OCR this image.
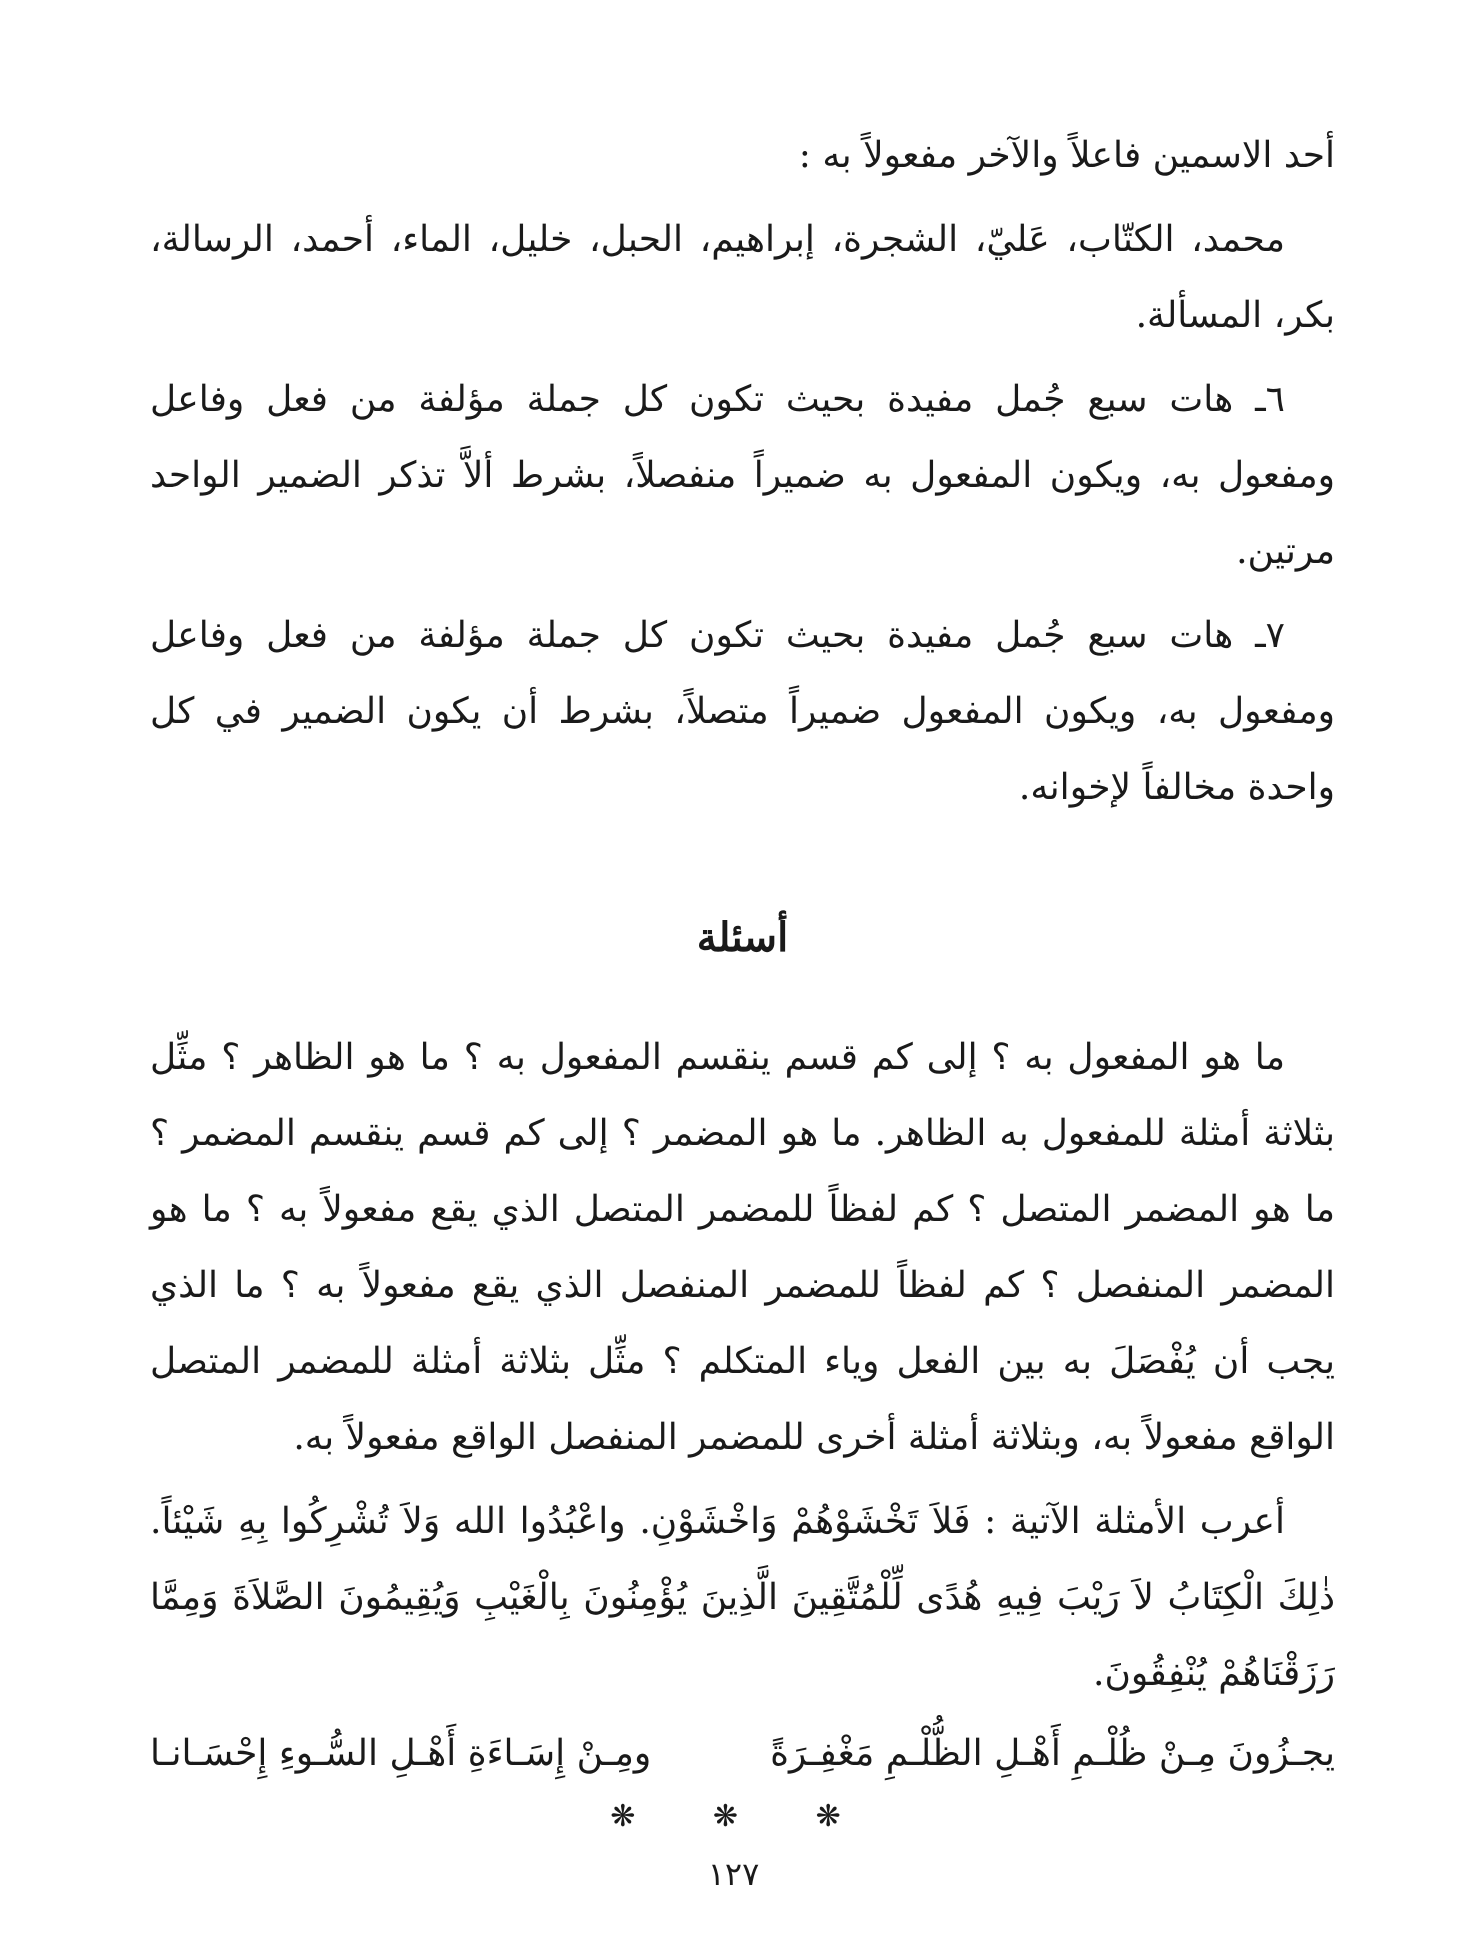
أحد الاسمين فاعلاً والآخر مفعولاً به :

محمد، الكتّاب، عَليّ، الشجرة، إبراهيم، الحبل، خليل، الماء، أحمد، الرسالة، بكر، المسألة.

٦ـ هات سبع جُمل مفيدة بحيث تكون كل جملة مؤلفة من فعل وفاعل ومفعول به، ويكون المفعول به ضميراً منفصلاً، بشرط ألاَّ تذكر الضمير الواحد مرتين.

٧ـ هات سبع جُمل مفيدة بحيث تكون كل جملة مؤلفة من فعل وفاعل ومفعول به، ويكون المفعول ضميراً متصلاً، بشرط أن يكون الضمير في كل واحدة مخالفاً لإخوانه.

أسئلة

ما هو المفعول به ؟ إلى كم قسم ينقسم المفعول به ؟ ما هو الظاهر ؟ مثِّل بثلاثة أمثلة للمفعول به الظاهر. ما هو المضمر ؟ إلى كم قسم ينقسم المضمر ؟ ما هو المضمر المتصل ؟ كم لفظاً للمضمر المتصل الذي يقع مفعولاً به ؟ ما هو المضمر المنفصل ؟ كم لفظاً للمضمر المنفصل الذي يقع مفعولاً به ؟ ما الذي يجب أن يُفْصَلَ به بين الفعل وياء المتكلم ؟ مثِّل بثلاثة أمثلة للمضمر المتصل الواقع مفعولاً به، وبثلاثة أمثلة أخرى للمضمر المنفصل الواقع مفعولاً به.

أعرب الأمثلة الآتية : فَلاَ تَخْشَوْهُمْ وَاخْشَوْنِ. واعْبُدُوا الله وَلاَ تُشْرِكُوا بِهِ شَيْئاً. ذٰلِكَ الْكِتَابُ لاَ رَيْبَ فِيهِ هُدًى لِّلْمُتَّقِينَ الَّذِينَ يُؤْمِنُونَ بِالْغَيْبِ وَيُقِيمُونَ الصَّلاَةَ وَمِمَّا رَزَقْنَاهُمْ يُنْفِقُونَ.

يجـزُونَ مِـنْ ظُلْـمِ أَهْـلِ الظُّلْـمِ مَغْفِـرَةً
ومِـنْ إِسَـاءَةِ أَهْـلِ السُّـوءِ إِحْسَـانـا
❋ ❋ ❋
١٢٧
